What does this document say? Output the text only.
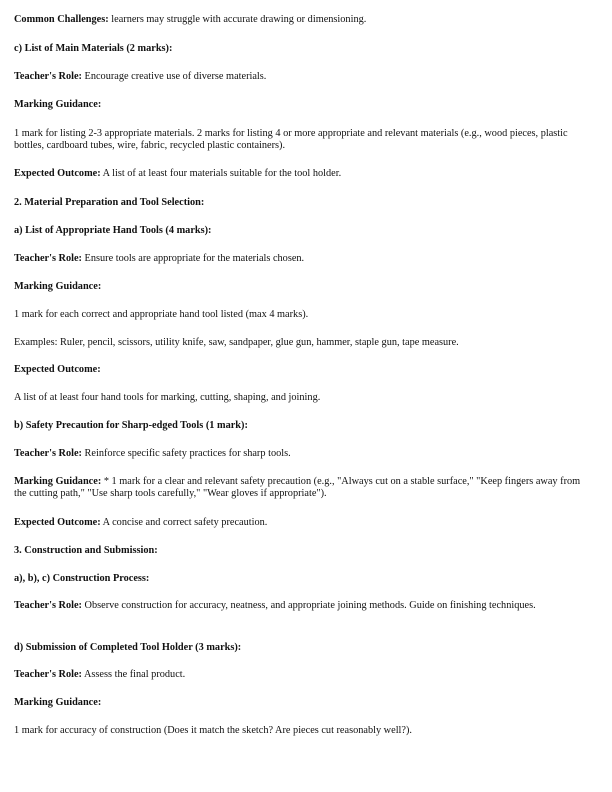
Common Challenges: learners may struggle with accurate drawing or dimensioning.

c) List of Main Materials (2 marks):

Teacher's Role: Encourage creative use of diverse materials.

Marking Guidance:

1 mark for listing 2-3 appropriate materials. 2 marks for listing 4 or more appropriate and relevant materials (e.g., wood pieces, plastic bottles, cardboard tubes, wire, fabric, recycled plastic containers).

Expected Outcome: A list of at least four materials suitable for the tool holder.

2. Material Preparation and Tool Selection:

a) List of Appropriate Hand Tools (4 marks):

Teacher's Role: Ensure tools are appropriate for the materials chosen.

Marking Guidance:

1 mark for each correct and appropriate hand tool listed (max 4 marks).

Examples: Ruler, pencil, scissors, utility knife, saw, sandpaper, glue gun, hammer, staple gun, tape measure.

Expected Outcome:

A list of at least four hand tools for marking, cutting, shaping, and joining.

b) Safety Precaution for Sharp-edged Tools (1 mark):

Teacher's Role: Reinforce specific safety practices for sharp tools.

Marking Guidance: * 1 mark for a clear and relevant safety precaution (e.g., "Always cut on a stable surface," "Keep fingers away from the cutting path," "Use sharp tools carefully," "Wear gloves if appropriate").

Expected Outcome: A concise and correct safety precaution.

3. Construction and Submission:

a), b), c) Construction Process:

Teacher's Role: Observe construction for accuracy, neatness, and appropriate joining methods. Guide on finishing techniques.

d) Submission of Completed Tool Holder (3 marks):

Teacher's Role: Assess the final product.

Marking Guidance:

1 mark for accuracy of construction (Does it match the sketch? Are pieces cut reasonably well?).
